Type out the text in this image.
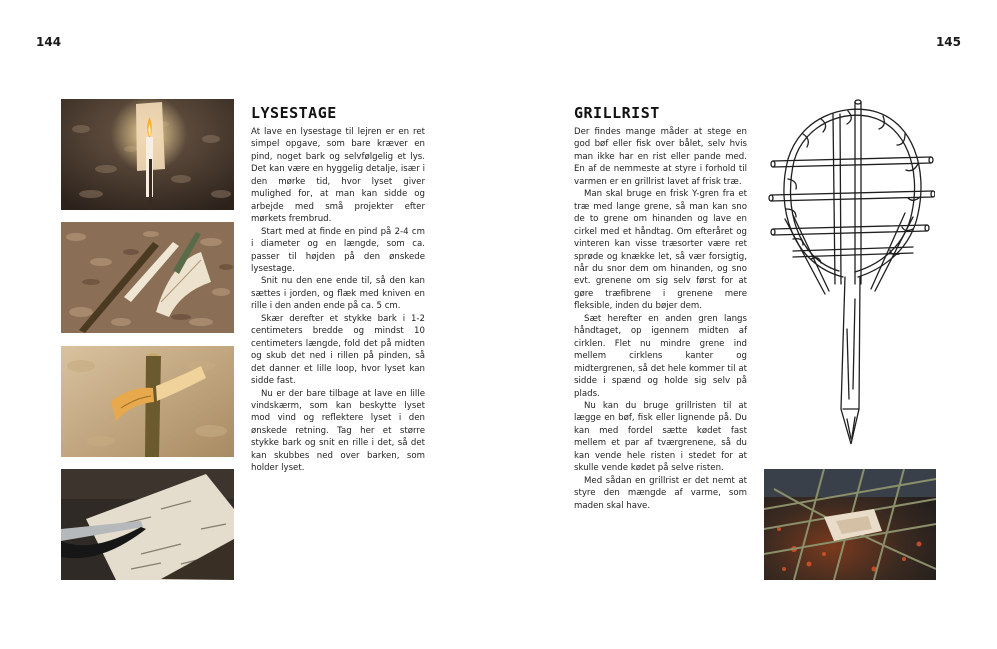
144	145
LYSESTAGE

At lave en lysestage til lejren er en ret simpel opgave, som bare kræver en pind, noget bark og selvfølgelig et lys. Det kan være en hyggelig detalje, især i den mørke tid, hvor lyset giver mulighed for, at man kan sidde og arbejde med små projekter efter mørkets frembrud.

Start med at finde en pind på 2-4 cm i diameter og en længde, som ca. passer til højden på den ønskede lysestage.

Snit nu den ene ende til, så den kan sættes i jorden, og flæk med kniven en rille i den anden ende på ca. 5 cm.

Skær derefter et stykke bark i 1-2 centimeters bredde og mindst 10 centimeters længde, fold det på midten og skub det ned i rillen på pinden, så det danner et lille loop, hvor lyset kan sidde fast.

Nu er der bare tilbage at lave en lille vindskærm, som kan beskytte lyset mod vind og reflektere lyset i den ønskede retning. Tag her et større stykke bark og snit en rille i det, så det kan skubbes ned over barken, som holder lyset.

GRILLRIST

Der findes mange måder at stege en god bøf eller fisk over bålet, selv hvis man ikke har en rist eller pande med. En af de nemmeste at styre i forhold til varmen er en grillrist lavet af frisk træ.

Man skal bruge en frisk Y-gren fra et træ med lange grene, så man kan sno de to grene om hinanden og lave en cirkel med et håndtag. Om efteråret og vinteren kan visse træsorter være ret sprøde og knække let, så vær forsigtig, når du snor dem om hinanden, og sno evt. grenene om sig selv først for at gøre træfibrene i grenene mere fleksible, inden du bøjer dem.

Sæt herefter en anden gren langs håndtaget, op igennem midten af cirklen. Flet nu mindre grene ind mellem cirklens kanter og midtergrenen, så det hele kommer til at sidde i spænd og holde sig selv på plads.

Nu kan du bruge grillristen til at lægge en bøf, fisk eller lignende på. Du kan med fordel sætte kødet fast mellem et par af tværgrenene, så du kan vende hele risten i stedet for at skulle vende kødet på selve risten.

Med sådan en grillrist er det nemt at styre den mængde af varme, som maden skal have.
